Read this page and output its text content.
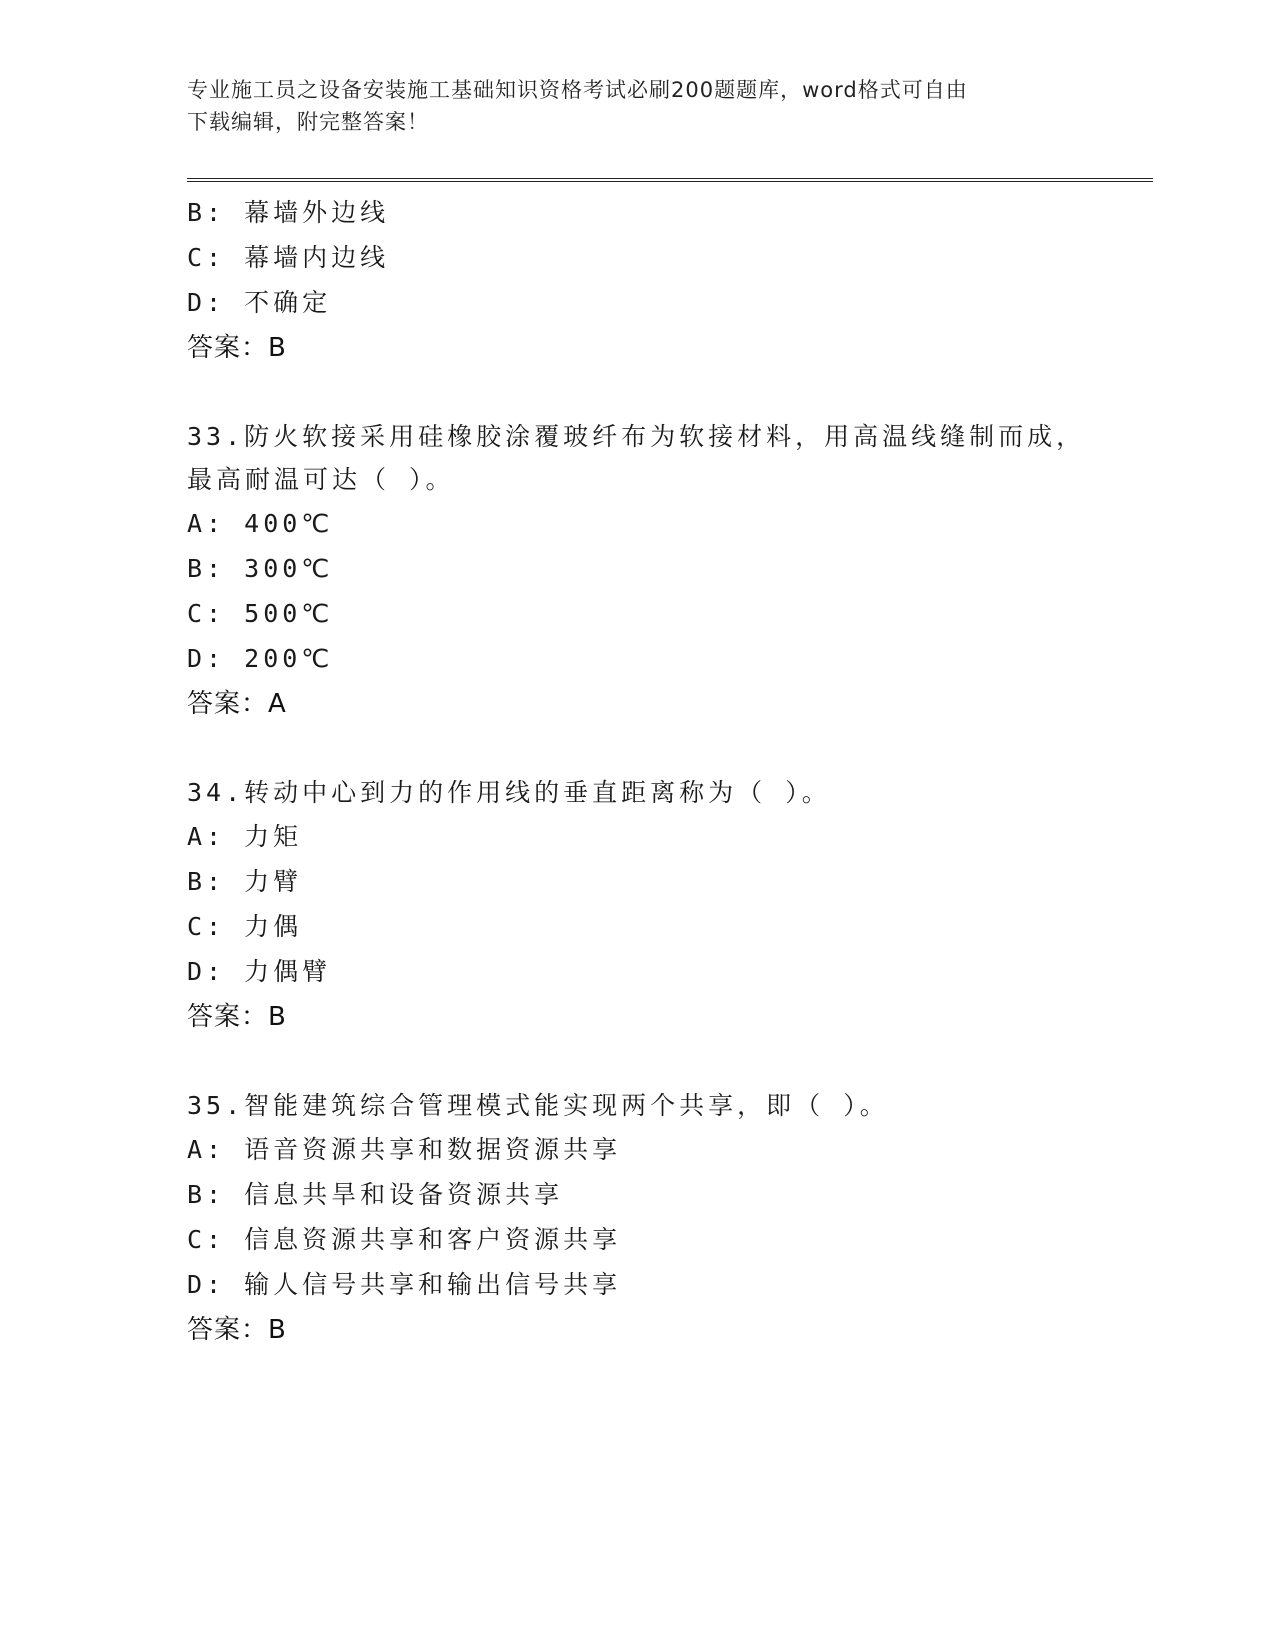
专业施工员之设备安装施工基础知识资格考试必刷200题题库，word格式可自由
下载编辑，附完整答案！
B: 幕墙外边线
C: 幕墙内边线
D: 不确定
答案：B
33.防火软接采用硅橡胶涂覆玻纤布为软接材料，用高温线缝制而成，
最高耐温可达（ ）。
A: 400℃
B: 300℃
C: 500℃
D: 200℃
答案：A
34.转动中心到力的作用线的垂直距离称为（ ）。
A: 力矩
B: 力臂
C: 力偶
D: 力偶臂
答案：B
35.智能建筑综合管理模式能实现两个共享，即（ ）。
A: 语音资源共享和数据资源共享
B: 信息共旱和设备资源共享
C: 信息资源共享和客户资源共享
D: 输人信号共享和输出信号共享
答案：B
